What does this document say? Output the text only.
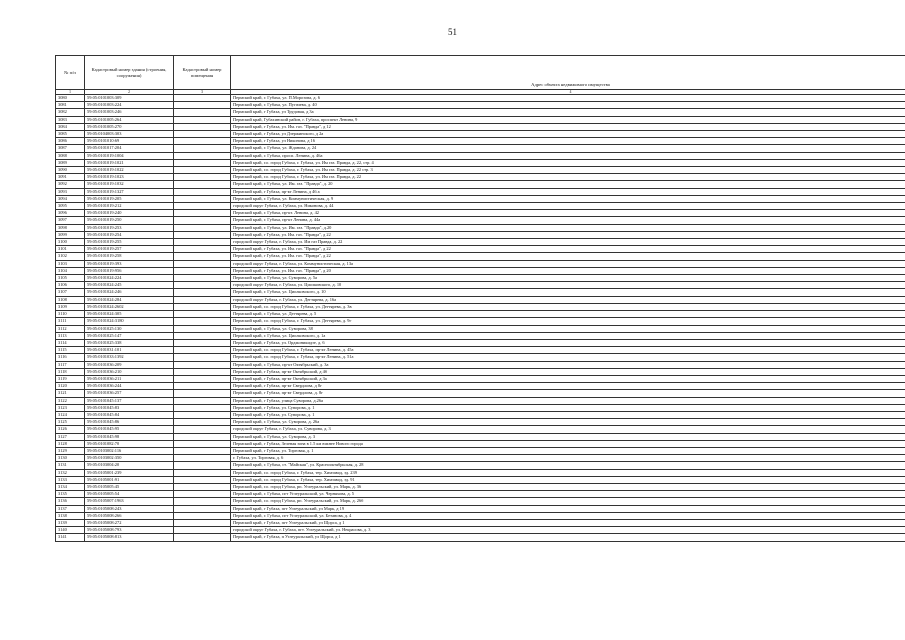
51
№ п/п	Кадастровый номер здания (строения, сооружения)	Кадастровый номер помещения	Адрес объекта недвижимого имущества
1	2	3	4
3080	59:05:0101003:309		Пермский край, г. Губаха, ул. П.Морозова, д. 6
3081	59:05:0101003:224		Пермский край, г. Губаха, ул. Пугачева, д. 40
3082	59:05:0101003:246		Пермский край, г Губаха, ул Трудовая, д 3а
3083	59:05:0101005:264		Пермский край, Губахинский район, г. Губаха, проспект Ленина, 9
3084	59:05:0101005:270		Пермский край, г Губаха, ул. Им. газ. "Правда", д 12
3085	59:05:0104003:303		Пермский край, г Губаха, ул Дзержинского, д 2а
3086	59:05:0101010:69		Пермский край, г Губаха, ул Никонова, д 16
3087	59:05:0101017:204		Пермский край, г. Губаха, ул. Жданова, д. 24
3088	59:05:0101019:1004		Пермский край, г. Губаха, просп. Ленина, д. 46а
3089	59:05:0101019:1021		Пермский край, г.о. город Губаха, г. Губаха, ул. Им газ. Правда, д. 22, стр. 4
3090	59:05:0101019:1022		Пермский край, г.о. город Губаха, г. Губаха, ул. Им газ. Правда, д. 22 стр. 3
3091	59:05:0101019:1023		Пермский край, г.о. город Губаха, г. Губаха, ул. Им газ. Правда, д. 22
3092	59:05:0101019:1032		Пермский край, г. Губаха, ул. Им. газ. "Правда", д. 20
3093	59:05:0101019:1327		Пермский край, г Губаха, пр-кт Ленина, д 46 а
3094	59:05:0101019:205		Пермский край, г. Губаха, ул. Коммунистическая, д. 9
3095	59:05:0101019:212		городской округ Губаха, г. Губаха, ул. Никонова, д. 44
3096	59:05:0101019:240		Пермский край, г. Губаха, пр-кт. Ленина, д. 42
3097	59:05:0101019:250		Пермский край, г. Губаха, пр-кт Ленина, д. 44а
3098	59:05:0101019:253		Пермский край, г. Губаха, ул. Им. газ. "Правда", д.20
3099	59:05:0101019:254		Пермский край, г Губаха, ул. Им. газ. "Правда", д 22
3100	59:05:0101019:255		городской округ Губаха, г. Губаха, ул. Им газ Правда, д. 22
3101	59:05:0101019:257		Пермский край, г Губаха, ул. Им. газ. "Правда", д 22
3102	59:05:0101019:258		Пермский край, г Губаха, ул. Им. газ. "Правда", д 22
3103	59:05:0101019:393		городской округ Губаха, г. Губаха, ул. Коммунистическая, д. 13а
3104	59:05:0101019:956		Пермский край, г Губаха, ул. Им. газ. "Правда", д 20
3105	59:05:0101024:224		Пермский край, г. Губаха, ул. Суворова, д. 5а
3106	59:05:0101024:245		городской округ Губаха, г. Губаха, ул. Циолковского, д. 10
3107	59:05:0101024:246		Пермский край, г. Губаха, ул. Циолковского, д. 10
3108	59:05:0101024:284		городской округ Губаха, г. Губаха, ул. Дегтярева, д. 16а
3109	59:05:0101024:2602		Пермский край, г.о. город Губаха, г. Губаха, ул. Дегтярева, д. 3в
3110	59:05:0101024:305		Пермский край, г. Губаха, ул. Дегтярева, д. 5
3111	59:05:0101024:3180		Пермский край, г.о. город Губаха, г. Губаха, ул. Дегтярева, д. 9г
3112	59:05:0101025:130		Пермский край, г. Губаха, ул. Суворова, 38
3113	59:05:0101025:147		Пермский край, г. Губаха, ул. Циолковского, д. 1а
3114	59:05:0101025:338		Пермский край, г Губаха, ул. Орджоникидзе, д. 6
3115	59:05:0101031:101		Пермский край, г.о. город Губаха, г. Губаха, пр-кт Ленина, д. 45а
3116	59:05:0101033:1392		Пермский край, г.о. город Губаха, г. Губаха, пр-кт Ленина, д. 51а
3117	59:05:0101036:209		Пермский край, г. Губаха, пр-кт Октябрьский, д. 3а
3118	59:05:0101036:210		Пермский край, г Губаха, пр-кт Октябрьский, д 4б
3119	59:05:0101036:211		Пермский край, г Губаха, пр-кт Октябрьский, д 3а
3120	59:05:0101036:244		Пермский край, г Губаха, пр-кт Свердлова, д 8г
3121	59:05:0101036:257		Пермский край, г Губаха, пр-кт Свердлова, д. 8г
3122	59:05:0101045:137		Пермский край, г Губаха, улица Суворова, д.26а
3123	59:05:0101045:83		Пермский край, г Губаха, ул. Суворова, д. 1
3124	59:05:0101045:84		Пермский край, г Губаха, ул. Суворова, д. 1
3125	59:05:0101045:86		Пермский край, г. Губаха, ул. Суворова, д. 26а
3126	59:05:0101045:95		городской округ Губаха, г. Губаха, ул. Суворова, д. 3
3127	59:05:0101045:98		Пермский край, г. Губаха, ул. Суворова, д. 3
3128	59:05:0101082:70		Пермский край, г Губаха, Зеленая зона в 1.5 км южнее Нового города
3129	59:05:0103002:116		Пермский край, г Губаха, ул. Торговая, д. 1
3130	59:05:0103002:350		г. Губаха, ул. Торговая, д. 6
3131	59:05:0103004:20		Пермский край, г. Губаха, ст. "Майская", ул. Краснооктябрьская, д. 28
3132	59:05:0105001:239		Пермский край, г.о. город Губаха, г. Губаха, тер. Химзавод, зд. 239
3133	59:05:0105001:91		Пермский край, г.о. город Губаха, г. Губаха, тер. Химзавод, зд. 91
3134	59:05:0105005:45		Пермский край, г.о. город Губаха, рп. Углеуральский, ул. Марк, д. 36
3135	59:05:0105005:54		Пермский край, г. Губаха, пгт Углеуральский, ул. Черняхова, д. 5
3136	59:05:0105007:1963		Пермский край, г.о. город Губаха, рп. Углеуральский, ул. Марк, д. 26б
3137	59:05:0105008:243		Пермский край, г Губаха, пгт Углеуральский, ул Марк, д 19
3138	59:05:0105008:266		Пермский край, г. Губаха, пгт Углеуральский, ул. Бетанова, д. 4
3139	59:05:0105008:272		Пермский край, г Губаха, пгт Углеуральский, ул Щорса, д 1
3140	59:05:0105008:793		городской округ Губаха, г. Губаха, пгт. Углеуральский, ул. Некрасова, д. 3
3141	59:05:0105008:813		Пермский край, г Губаха, п Углеуральский, ул Щорса, д 1
